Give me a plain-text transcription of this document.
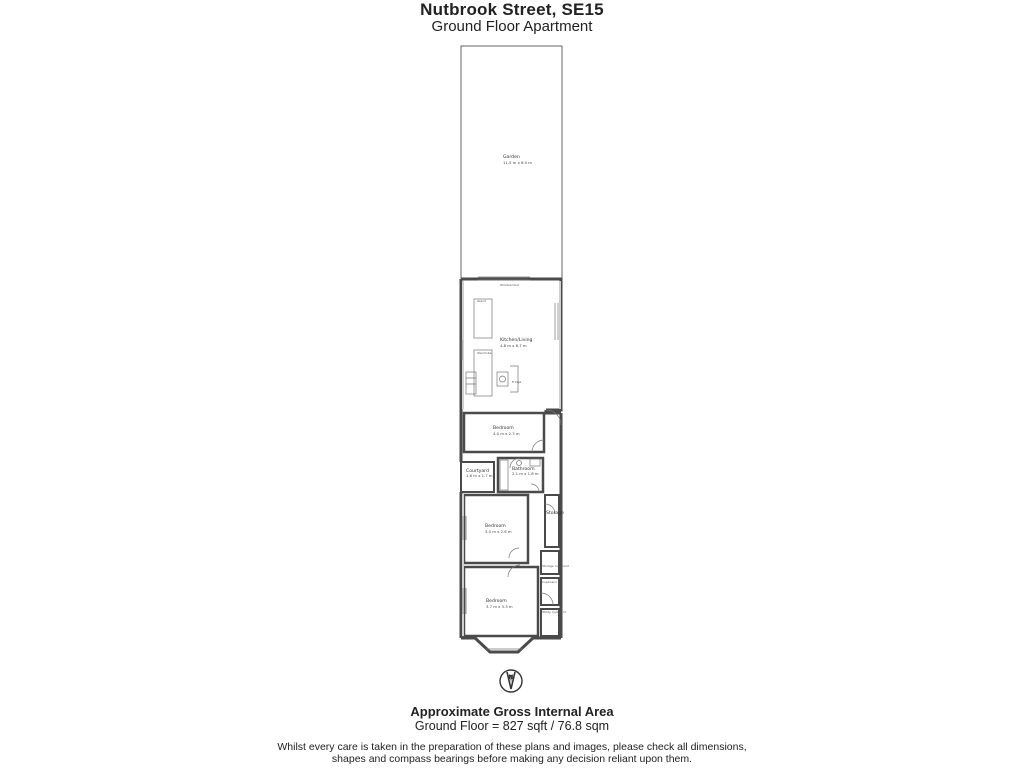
Nutbrook Street, SE15
Ground Floor Apartment
Garden
11.5 m x 6.0 m
Island
Wardrobe
Window/door
Fridge
Kitchen/Living
4.8 m x 6.7 m
Bathroom
2.1 m x 1.8 m
Bedroom
4.0 m x 2.3 m
Courtyard
1.6 m x 1.7 m
Storage
Bedroom
3.0 m x 2.6 m
Bedroom
3.7 m x 3.3 m
Storage cupboard
Cupboard
Utility cupboard
N
Approximate Gross Internal Area
Ground Floor = 827 sqft / 76.8 sqm
Whilst every care is taken in the preparation of these plans and images, please check all dimensions, shapes and compass bearings before making any decision reliant upon them.
